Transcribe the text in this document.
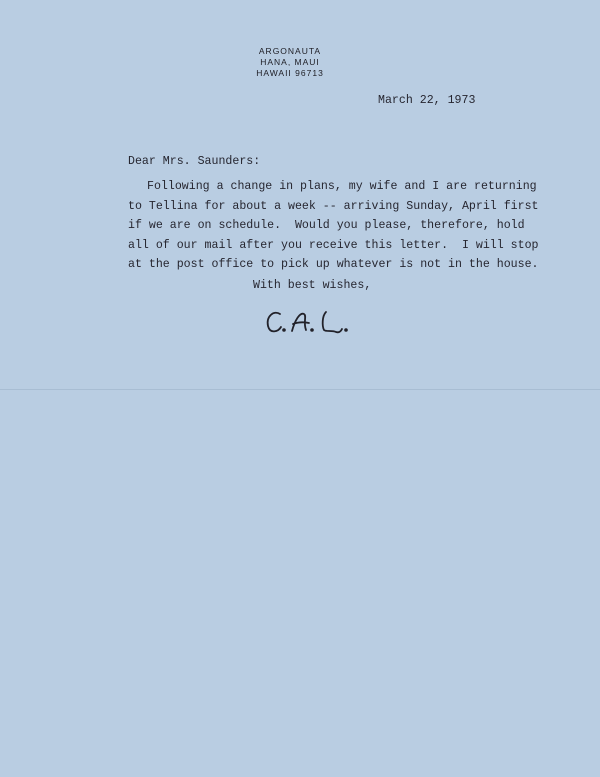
ARGONAUTA
HANA, MAUI
HAWAII 96713
March 22, 1973
Dear Mrs. Saunders:
Following a change in plans, my wife and I are returning
to Tellina for about a week -- arriving Sunday, April first
if we are on schedule.  Would you please, therefore, hold
all of our mail after you receive this letter.  I will stop
at the post office to pick up whatever is not in the house.
With best wishes,
